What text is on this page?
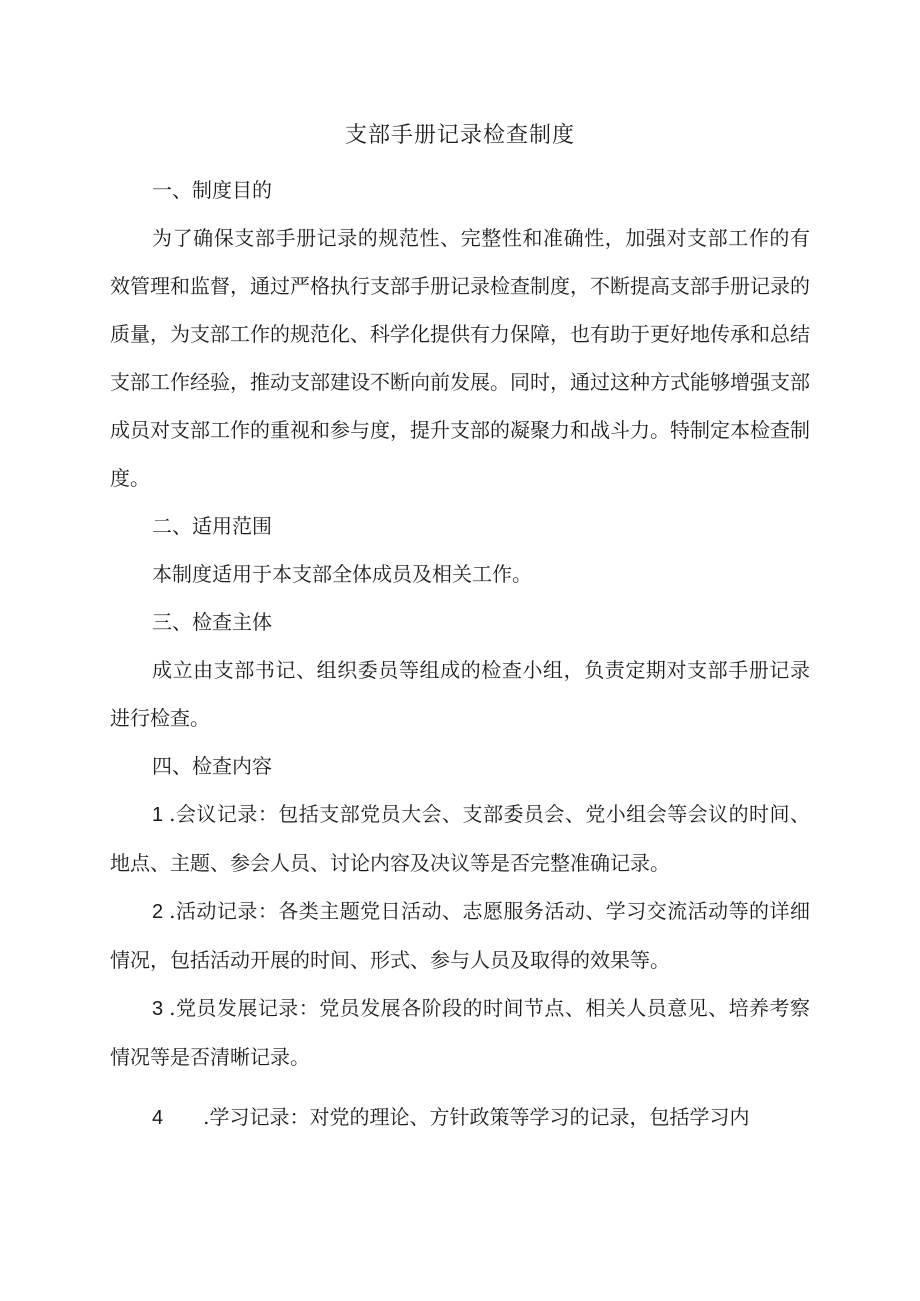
支部手册记录检查制度

一、制度目的

为了确保支部手册记录的规范性、完整性和准确性，加强对支部工作的有效管理和监督，通过严格执行支部手册记录检查制度，不断提高支部手册记录的质量，为支部工作的规范化、科学化提供有力保障，也有助于更好地传承和总结支部工作经验，推动支部建设不断向前发展。同时，通过这种方式能够增强支部成员对支部工作的重视和参与度，提升支部的凝聚力和战斗力。特制定本检查制度。

二、适用范围

本制度适用于本支部全体成员及相关工作。

三、检查主体

成立由支部书记、组织委员等组成的检查小组，负责定期对支部手册记录进行检查。

四、检查内容

1 .会议记录：包括支部党员大会、支部委员会、党小组会等会议的时间、地点、主题、参会人员、讨论内容及决议等是否完整准确记录。

2 .活动记录：各类主题党日活动、志愿服务活动、学习交流活动等的详细情况，包括活动开展的时间、形式、参与人员及取得的效果等。

3 .党员发展记录：党员发展各阶段的时间节点、相关人员意见、培养考察情况等是否清晰记录。

4 .学习记录：对党的理论、方针政策等学习的记录，包括学习内
